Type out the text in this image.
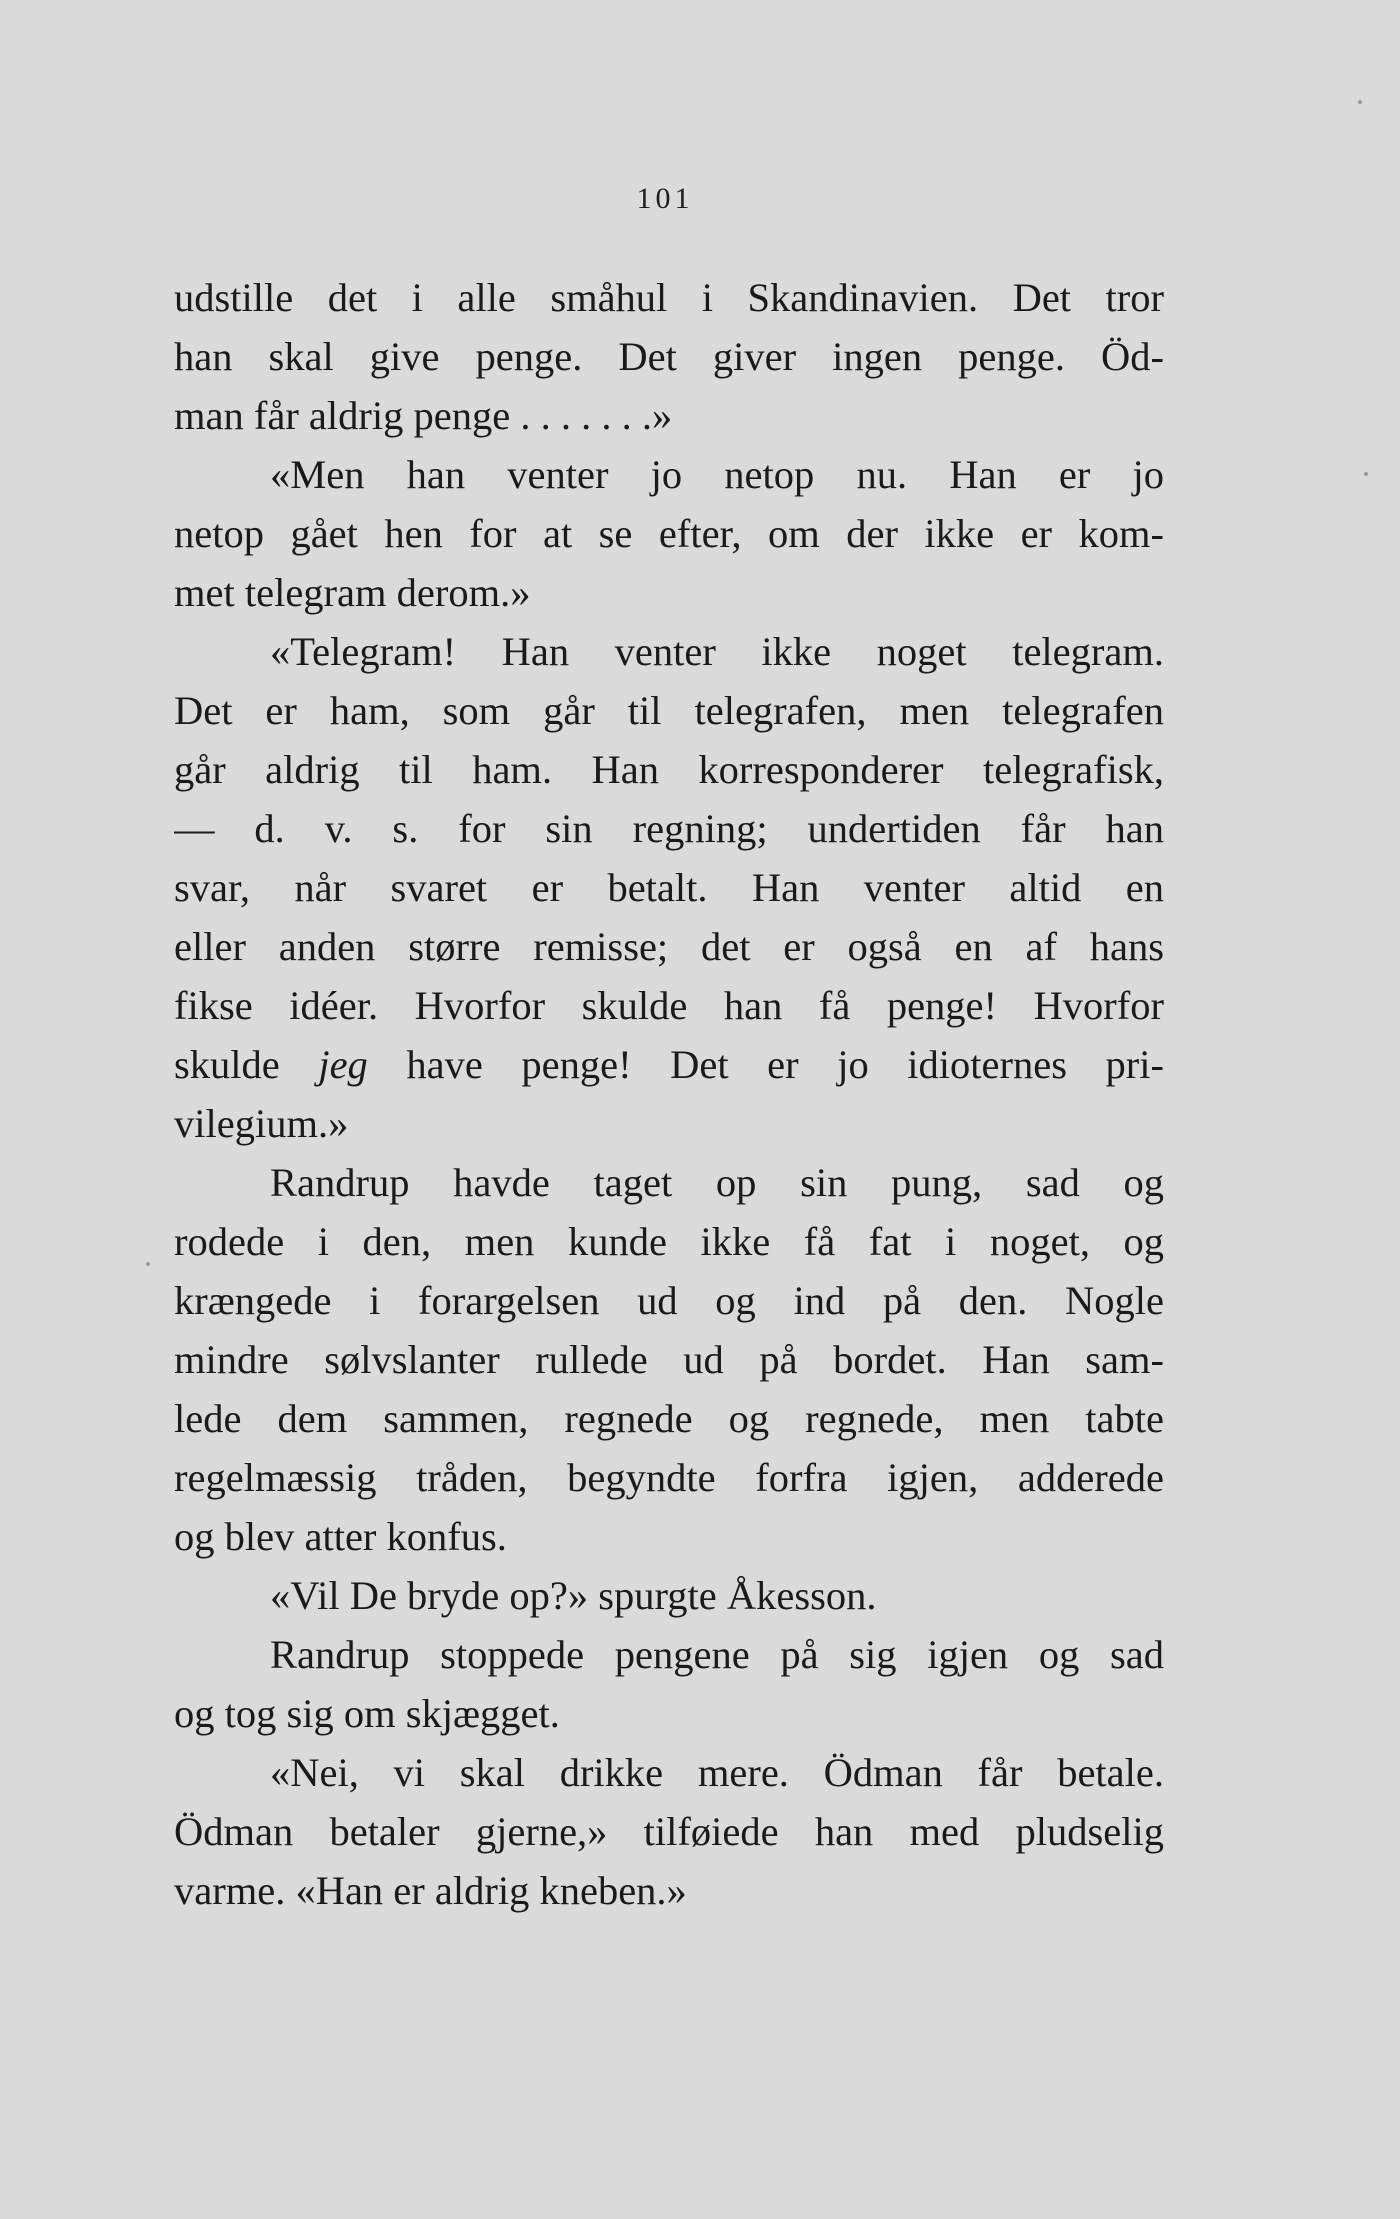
101
udstille det i alle småhul i Skandinavien. Det tror
han skal give penge. Det giver ingen penge. Öd-
man får aldrig penge . . . . . . .»
«Men han venter jo netop nu. Han er jo
netop gået hen for at se efter, om der ikke er kom-
met telegram derom.»
«Telegram! Han venter ikke noget telegram.
Det er ham, som går til telegrafen, men telegrafen
går aldrig til ham. Han korresponderer telegrafisk,
— d. v. s. for sin regning; undertiden får han
svar, når svaret er betalt. Han venter altid en
eller anden større remisse; det er også en af hans
fikse idéer. Hvorfor skulde han få penge! Hvorfor
skulde jeg have penge! Det er jo idioternes pri-
vilegium.»
Randrup havde taget op sin pung, sad og
rodede i den, men kunde ikke få fat i noget, og
krængede i forargelsen ud og ind på den. Nogle
mindre sølvslanter rullede ud på bordet. Han sam-
lede dem sammen, regnede og regnede, men tabte
regelmæssig tråden, begyndte forfra igjen, adderede
og blev atter konfus.
«Vil De bryde op?» spurgte Åkesson.
Randrup stoppede pengene på sig igjen og sad
og tog sig om skjægget.
«Nei, vi skal drikke mere. Ödman får betale.
Ödman betaler gjerne,» tilføiede han med pludselig
varme. «Han er aldrig kneben.»
